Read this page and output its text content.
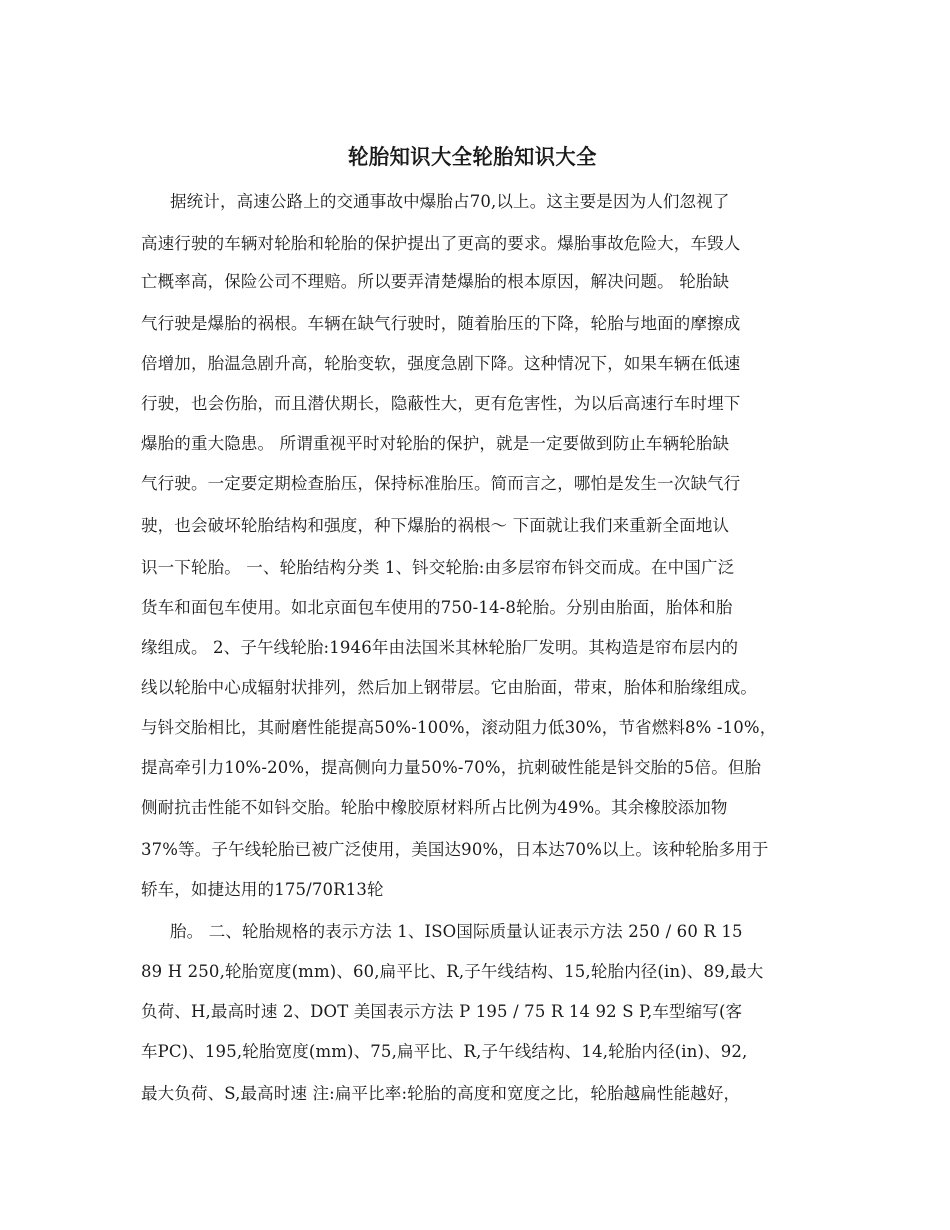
轮胎知识大全轮胎知识大全
据统计，高速公路上的交通事故中爆胎占70,以上。这主要是因为人们忽视了
高速行驶的车辆对轮胎和轮胎的保护提出了更高的要求。爆胎事故危险大，车毁人
亡概率高，保险公司不理赔。所以要弄清楚爆胎的根本原因，解决问题。 轮胎缺
气行驶是爆胎的祸根。车辆在缺气行驶时，随着胎压的下降，轮胎与地面的摩擦成
倍增加，胎温急剧升高，轮胎变软，强度急剧下降。这种情况下，如果车辆在低速
行驶，也会伤胎，而且潜伏期长，隐蔽性大，更有危害性，为以后高速行车时埋下
爆胎的重大隐患。 所谓重视平时对轮胎的保护，就是一定要做到防止车辆轮胎缺
气行驶。一定要定期检查胎压，保持标准胎压。简而言之，哪怕是发生一次缺气行
驶，也会破坏轮胎结构和强度，种下爆胎的祸根～ 下面就让我们来重新全面地认
识一下轮胎。 一、轮胎结构分类 1、钭交轮胎:由多层帘布钭交而成。在中国广泛
货车和面包车使用。如北京面包车使用的750-14-8轮胎。分别由胎面，胎体和胎
缘组成。 2、子午线轮胎:1946年由法国米其林轮胎厂发明。其构造是帘布层内的
线以轮胎中心成辐射状排列，然后加上钢带层。它由胎面，带束，胎体和胎缘组成。
与钭交胎相比，其耐磨性能提高50%-100%，滚动阻力低30%，节省燃料8% -10%，
提高牵引力10%-20%，提高侧向力量50%-70%，抗刺破性能是钭交胎的5倍。但胎
侧耐抗击性能不如钭交胎。轮胎中橡胶原材料所占比例为49%。其余橡胶添加物
37%等。子午线轮胎已被广泛使用，美国达90%，日本达70%以上。该种轮胎多用于
轿车，如捷达用的175/70R13轮
胎。 二、轮胎规格的表示方法 1、ISO国际质量认证表示方法 250 / 60 R 15
89 H 250,轮胎宽度(mm)、60,扁平比、R,子午线结构、15,轮胎内径(in)、89,最大
负荷、H,最高时速 2、DOT 美国表示方法 P 195 / 75 R 14 92 S P,车型缩写(客
车PC)、195,轮胎宽度(mm)、75,扁平比、R,子午线结构、14,轮胎内径(in)、92,
最大负荷、S,最高时速 注:扁平比率:轮胎的高度和宽度之比，轮胎越扁性能越好，
